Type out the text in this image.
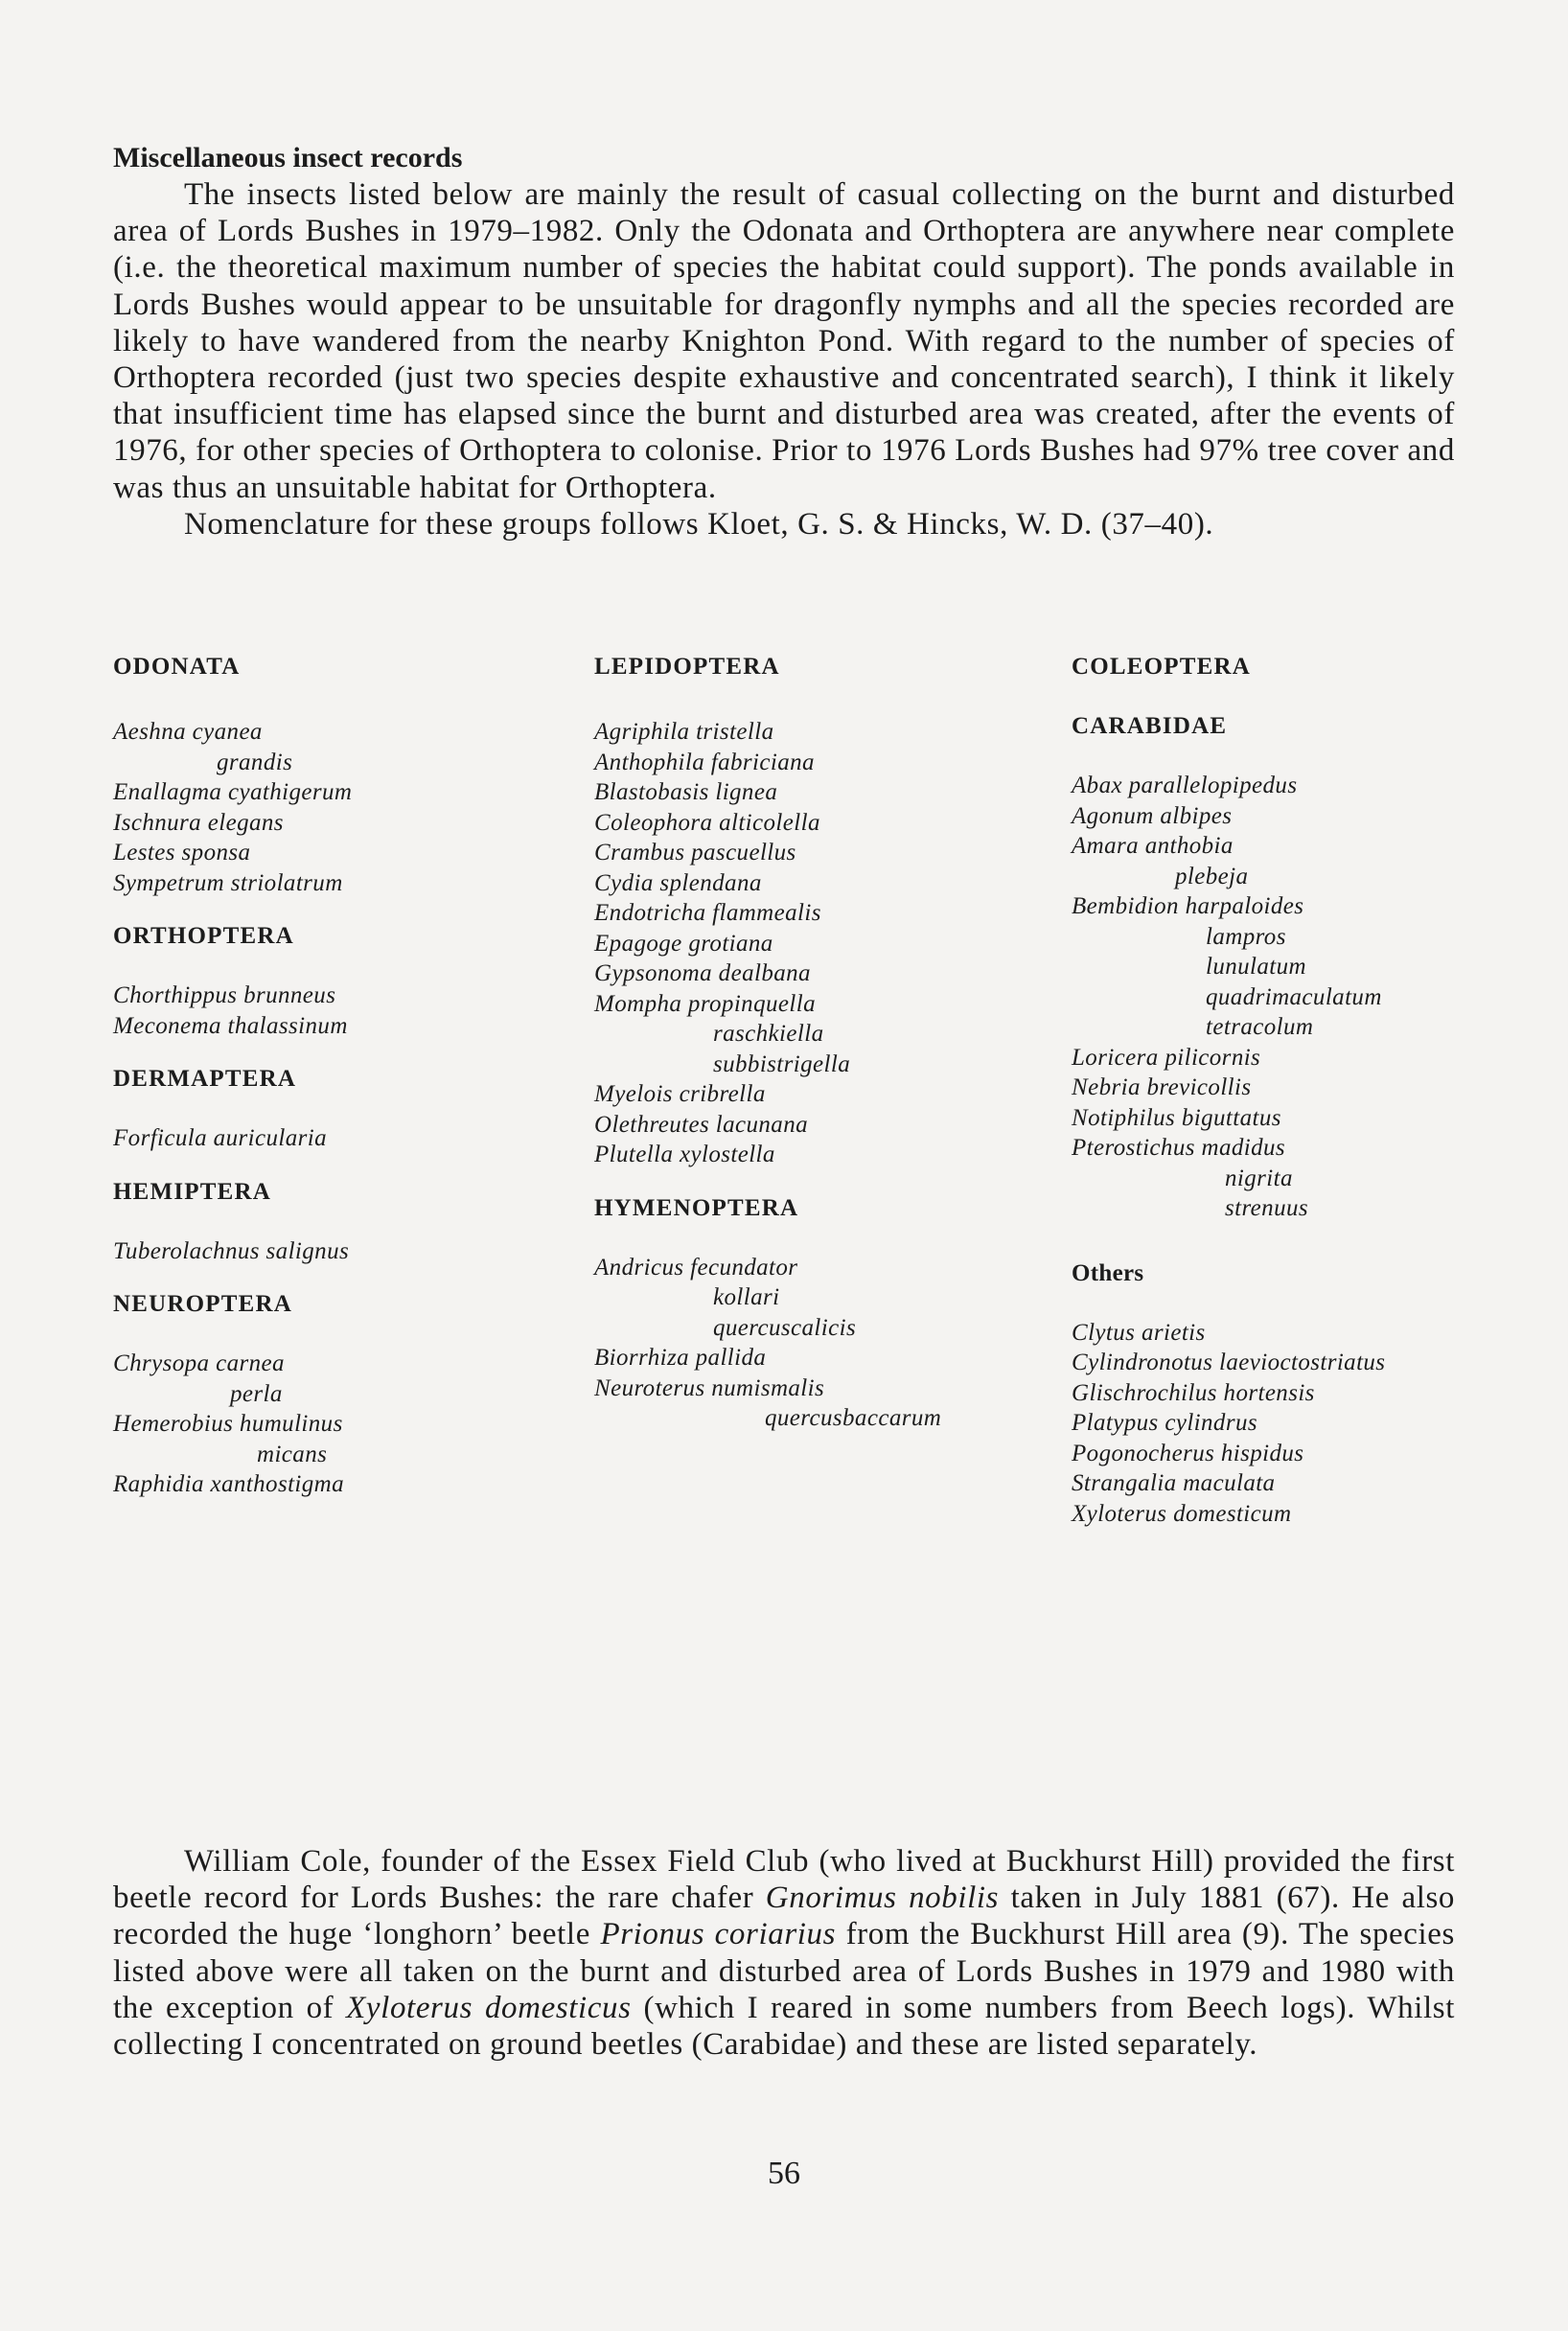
Miscellaneous insect records

The insects listed below are mainly the result of casual collecting on the burnt and disturbed area of Lords Bushes in 1979–1982. Only the Odonata and Orthoptera are anywhere near complete (i.e. the theoretical maximum number of species the habitat could support). The ponds available in Lords Bushes would appear to be unsuitable for dragonfly nymphs and all the species recorded are likely to have wandered from the nearby Knighton Pond. With regard to the number of species of Orthoptera recorded (just two species despite exhaustive and concentrated search), I think it likely that insufficient time has elapsed since the burnt and disturbed area was created, after the events of 1976, for other species of Orthoptera to colonise. Prior to 1976 Lords Bushes had 97% tree cover and was thus an unsuitable habitat for Orthoptera.

Nomenclature for these groups follows Kloet, G. S. & Hincks, W. D. (37–40).

ODONATA

Aeshna cyanea

grandis

Enallagma cyathigerum

Ischnura elegans

Lestes sponsa

Sympetrum striolatrum

ORTHOPTERA

Chorthippus brunneus

Meconema thalassinum

DERMAPTERA

Forficula auricularia

HEMIPTERA

Tuberolachnus salignus

NEUROPTERA

Chrysopa carnea

perla

Hemerobius humulinus

micans

Raphidia xanthostigma

LEPIDOPTERA

Agriphila tristella

Anthophila fabriciana

Blastobasis lignea

Coleophora alticolella

Crambus pascuellus

Cydia splendana

Endotricha flammealis

Epagoge grotiana

Gypsonoma dealbana

Mompha propinquella

raschkiella

subbistrigella

Myelois cribrella

Olethreutes lacunana

Plutella xylostella

HYMENOPTERA

Andricus fecundator

kollari

quercuscalicis

Biorrhiza pallida

Neuroterus numismalis

quercusbaccarum

COLEOPTERA

CARABIDAE

Abax parallelopipedus

Agonum albipes

Amara anthobia

plebeja

Bembidion harpaloides

lampros

lunulatum

quadrimaculatum

tetracolum

Loricera pilicornis

Nebria brevicollis

Notiphilus biguttatus

Pterostichus madidus

nigrita

strenuus

Others

Clytus arietis

Cylindronotus laevioctostriatus

Glischrochilus hortensis

Platypus cylindrus

Pogonocherus hispidus

Strangalia maculata

Xyloterus domesticum

William Cole, founder of the Essex Field Club (who lived at Buckhurst Hill) provided the first beetle record for Lords Bushes: the rare chafer Gnorimus nobilis taken in July 1881 (67). He also recorded the huge ‘longhorn’ beetle Prionus coriarius from the Buckhurst Hill area (9). The species listed above were all taken on the burnt and disturbed area of Lords Bushes in 1979 and 1980 with the exception of Xyloterus domesticus (which I reared in some numbers from Beech logs). Whilst collecting I concentrated on ground beetles (Carabidae) and these are listed separately.

56
